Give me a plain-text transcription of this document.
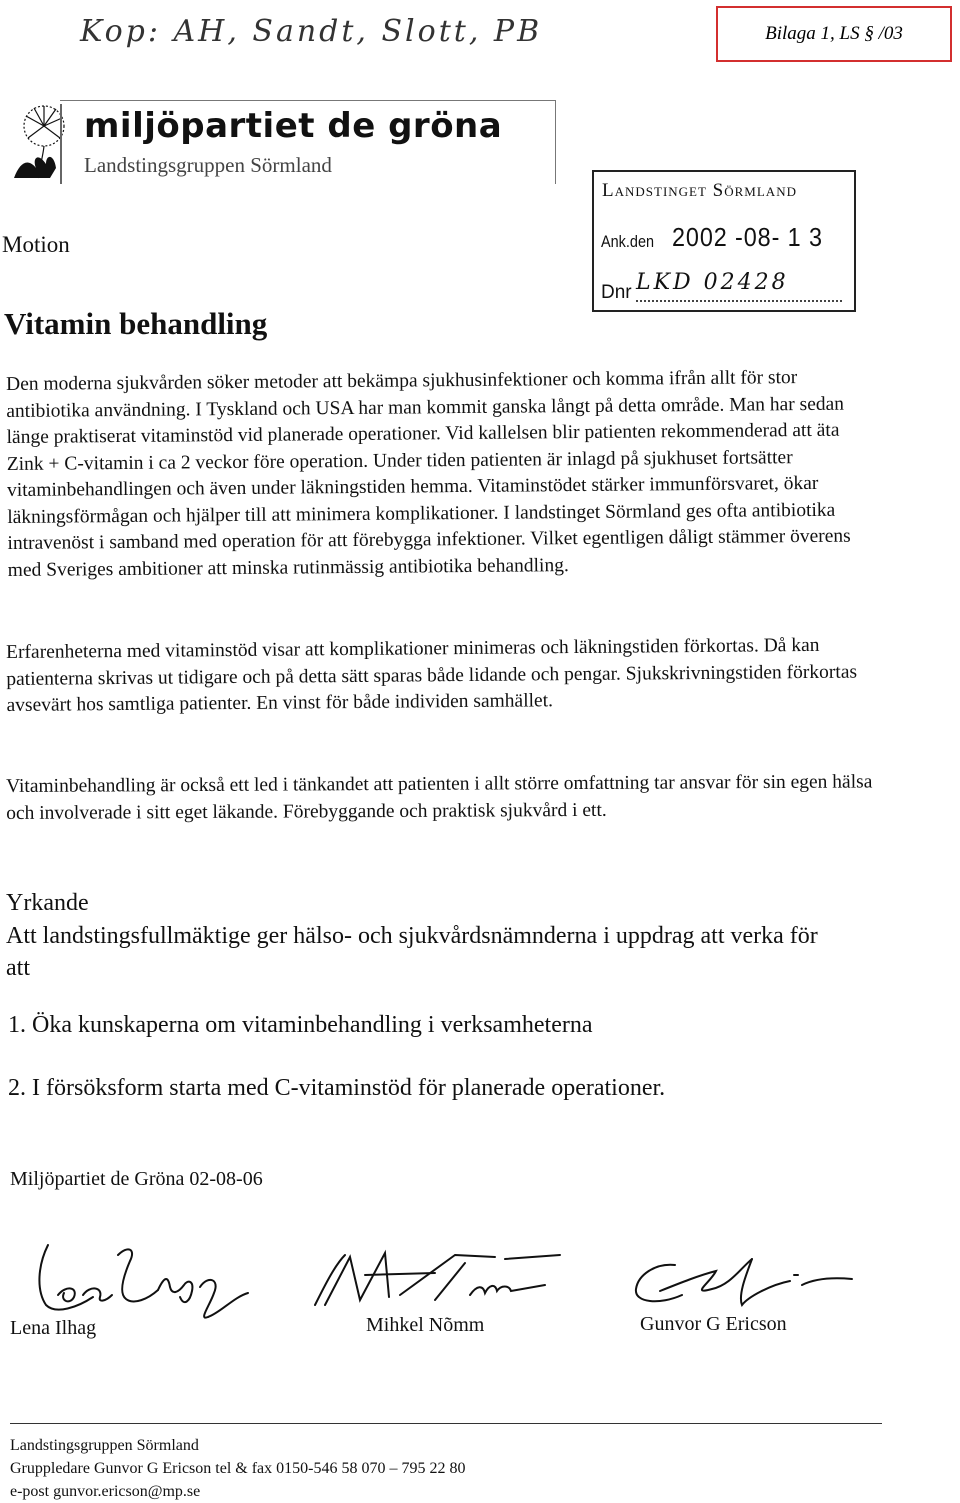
Kop: AH, Sandt, Slott, PB	Bilaga 1, LS § /03
miljöpartiet de gröna
Landstingsgruppen Sörmland
Landstinget Sörmland
Ank.den 2002 -08- 1 3
Dnr LKD 02428
Motion
Vitamin behandling

Den moderna sjukvården söker metoder att bekämpa sjukhusinfektioner och komma ifrån allt för stor antibiotika användning. I Tyskland och USA har man kommit ganska långt på detta område. Man har sedan länge praktiserat vitaminstöd vid planerade operationer. Vid kallelsen blir patienten rekommenderad att äta Zink + C-vitamin i ca 2 veckor före operation. Under tiden patienten är inlagd på sjukhuset fortsätter vitaminbehandlingen och även under läkningstiden hemma. Vitaminstödet stärker immunförsvaret, ökar läkningsförmågan och hjälper till att minimera komplikationer. I landstinget Sörmland ges ofta antibiotika intravenöst i samband med operation för att förebygga infektioner. Vilket egentligen dåligt stämmer överens med Sveriges ambitioner att minska rutinmässig antibiotika behandling.

Erfarenheterna med vitaminstöd visar att komplikationer minimeras och läkningstiden förkortas. Då kan patienterna skrivas ut tidigare och på detta sätt sparas både lidande och pengar. Sjukskrivningstiden förkortas avsevärt hos samtliga patienter. En vinst för både individen samhället.

Vitaminbehandling är också ett led i tänkandet att patienten i allt större omfattning tar ansvar för sin egen hälsa och involverade i sitt eget läkande. Förebyggande och praktisk sjukvård i ett.

Yrkande
Att landstingsfullmäktige ger hälso- och sjukvårdsnämnderna i uppdrag att verka för att
1. Öka kunskaperna om vitaminbehandling i verksamheterna
2. I försöksform starta med C-vitaminstöd för planerade operationer.
Miljöpartiet de Gröna 02-08-06
Lena Ilhag	Mihkel Nõmm	Gunvor G Ericson
Landstingsgruppen Sörmland
Gruppledare Gunvor G Ericson tel & fax 0150-546 58 070 – 795 22 80
e-post gunvor.ericson@mp.se
